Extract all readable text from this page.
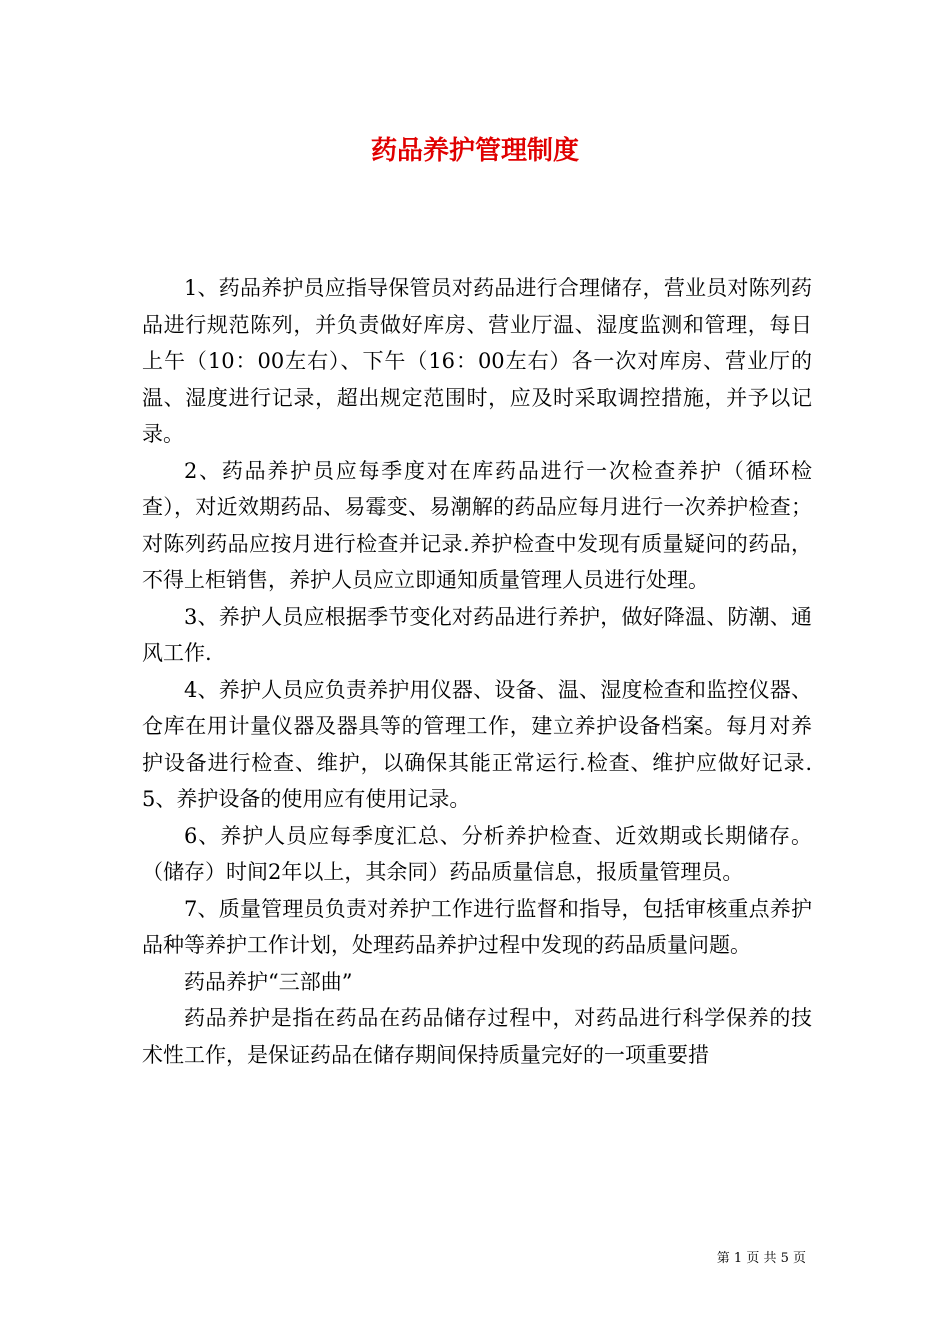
药品养护管理制度

1、药品养护员应指导保管员对药品进行合理储存，营业员对陈列药品进行规范陈列，并负责做好库房、营业厅温、湿度监测和管理，每日上午（10：00左右）、下午（16：00左右）各一次对库房、营业厅的温、湿度进行记录，超出规定范围时，应及时采取调控措施，并予以记录。

2、药品养护员应每季度对在库药品进行一次检查养护（循环检查），对近效期药品、易霉变、易潮解的药品应每月进行一次养护检查；对陈列药品应按月进行检查并记录.养护检查中发现有质量疑问的药品，不得上柜销售，养护人员应立即通知质量管理人员进行处理。

3、养护人员应根据季节变化对药品进行养护，做好降温、防潮、通风工作.

4、养护人员应负责养护用仪器、设备、温、湿度检查和监控仪器、仓库在用计量仪器及器具等的管理工作，建立养护设备档案。每月对养护设备进行检查、维护，以确保其能正常运行.检查、维护应做好记录.5、养护设备的使用应有使用记录。

6、养护人员应每季度汇总、分析养护检查、近效期或长期储存。（储存）时间2年以上，其余同）药品质量信息，报质量管理员。

7、质量管理员负责对养护工作进行监督和指导，包括审核重点养护品种等养护工作计划，处理药品养护过程中发现的药品质量问题。

药品养护“三部曲”

药品养护是指在药品在药品储存过程中，对药品进行科学保养的技术性工作，是保证药品在储存期间保持质量完好的一项重要措

第 1 页 共 5 页
